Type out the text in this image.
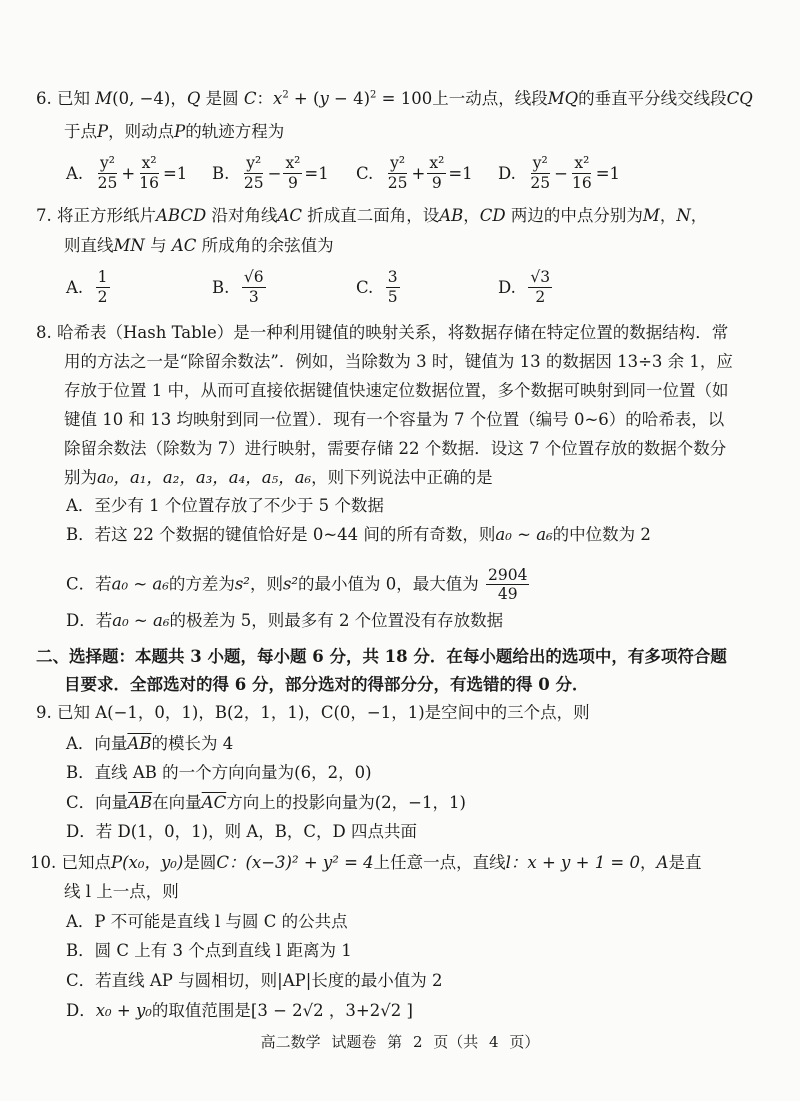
6. 已知 M(0, −4)，Q 是圆 C：$x^2 + (y - 4)^2 = 100$上一动点，线段MQ的垂直平分线交线段CQ
于点P，则动点P的轨迹方程为
A.
$\frac{\text{y²}}{25} + \frac{\text{x²}}{16} =1$ B.
$\frac{\text{y²}}{25} - \frac{\text{x²}}{9} =1$ C.
$\frac{\text{y²}}{25} + \frac{\text{x²}}{9} =1$ D.
$\frac{\text{y²}}{25} - \frac{\text{x²}}{16} =1$
7. 将正方形纸片ABCD 沿对角线AC 折成直二面角，设AB，CD 两边的中点分别为M，N，
则直线MN 与 AC 所成角的余弦值为
A.
$\frac{1}{2}$	B.
$\frac{√6}{3}$	C.
$\frac{3}{5}$	D.
$\frac{√3}{2}$
8. 哈希表（Hash Table）是一种利用键值的映射关系，将数据存储在特定位置的数据结构．常
用的方法之一是“除留余数法”．例如，当除数为 3 时，键值为 13 的数据因 13÷3 余 1，应
存放于位置 1 中，从而可直接依据键值快速定位数据位置，多个数据可映射到同一位置（如
键值 10 和 13 均映射到同一位置）．现有一个容量为 7 个位置（编号 0~6）的哈希表，以
除留余数法（除数为 7）进行映射，需要存储 22 个数据．设这 7 个位置存放的数据个数分
别为a₀，a₁，a₂，a₃，a₄，a₅，a₆，则下列说法中正确的是
A．至少有 1 个位置存放了不少于 5 个数据
B．若这 22 个数据的键值恰好是 0~44 间的所有奇数，则a₀ ~ a₆的中位数为 2
C．若a₀ ~ a₆的方差为s²，则s²的最小值为 0，最大值为 $\frac{2904}{49}$
D．若a₀ ~ a₆的极差为 5，则最多有 2 个位置没有存放数据
二、选择题：本题共 3 小题，每小题 6 分，共 18 分．在每小题给出的选项中，有多项符合题
目要求．全部选对的得 6 分，部分选对的得部分分，有选错的得 0 分．
9. 已知 A(−1，0，1)，B(2，1，1)，C(0，−1，1)是空间中的三个点，则
A．向量$\overline{AB}$的模长为 4
B．直线 AB 的一个方向向量为(6，2，0)
C．向量$\overline{AB}$在向量$\overline{AC}$方向上的投影向量为(2，−1，1)
D．若 D(1，0，1)，则 A，B，C，D 四点共面
10. 已知点P(x₀，y₀)是圆C：(x−3)² + y² = 4上任意一点，直线l：x + y + 1 = 0，A是直
线 l 上一点，则
A．P 不可能是直线 l 与圆 C 的公共点
B．圆 C 上有 3 个点到直线 l 距离为 1
C．若直线 AP 与圆相切，则|AP|长度的最小值为 2
D．x₀ + y₀的取值范围是[3 − 2√2 ，3+2√2 ]
高二数学 试题卷 第 2 页（共 4 页）
